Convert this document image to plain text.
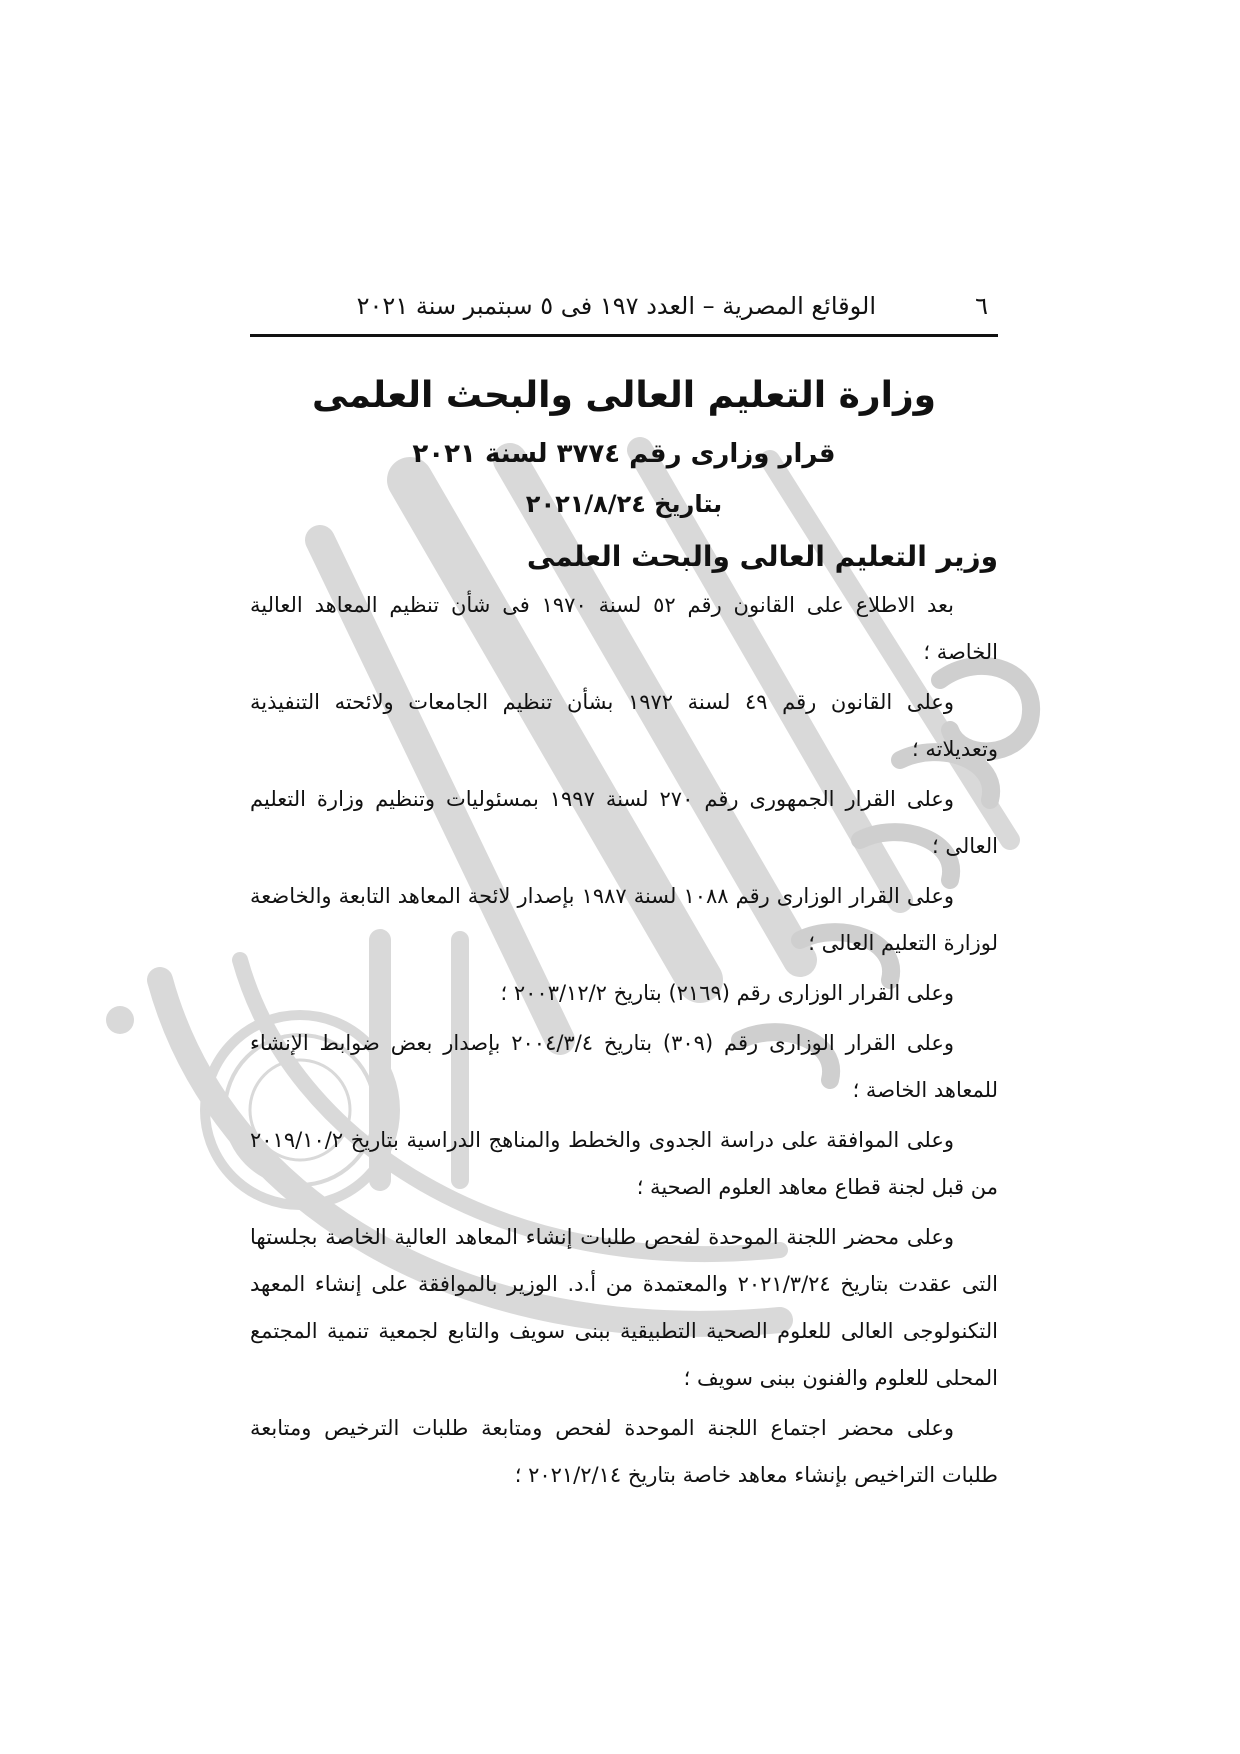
٦
الوقائع المصرية – العدد ١٩٧ فى ٥ سبتمبر سنة ٢٠٢١
وزارة التعليم العالى والبحث العلمى
قرار وزارى رقم ٣٧٧٤ لسنة ٢٠٢١
بتاريخ ٢٠٢١/٨/٢٤
وزير التعليم العالى والبحث العلمى

بعد الاطلاع على القانون رقم ٥٢ لسنة ١٩٧٠ فى شأن تنظيم المعاهد العالية الخاصة ؛

وعلى القانون رقم ٤٩ لسنة ١٩٧٢ بشأن تنظيم الجامعات ولائحته التنفيذية وتعديلاته ؛

وعلى القرار الجمهورى رقم ٢٧٠ لسنة ١٩٩٧ بمسئوليات وتنظيم وزارة التعليم العالى ؛

وعلى القرار الوزارى رقم ١٠٨٨ لسنة ١٩٨٧ بإصدار لائحة المعاهد التابعة والخاضعة لوزارة التعليم العالى ؛

وعلى القرار الوزارى رقم (٢١٦٩) بتاريخ ٢٠٠٣/١٢/٢ ؛

وعلى القرار الوزارى رقم (٣٠٩) بتاريخ ٢٠٠٤/٣/٤ بإصدار بعض ضوابط الإنشاء للمعاهد الخاصة ؛

وعلى الموافقة على دراسة الجدوى والخطط والمناهج الدراسية بتاريخ ٢٠١٩/١٠/٢ من قبل لجنة قطاع معاهد العلوم الصحية ؛

وعلى محضر اللجنة الموحدة لفحص طلبات إنشاء المعاهد العالية الخاصة بجلستها التى عقدت بتاريخ ٢٠٢١/٣/٢٤ والمعتمدة من أ.د. الوزير بالموافقة على إنشاء المعهد التكنولوجى العالى للعلوم الصحية التطبيقية ببنى سويف والتابع لجمعية تنمية المجتمع المحلى للعلوم والفنون ببنى سويف ؛

وعلى محضر اجتماع اللجنة الموحدة لفحص ومتابعة طلبات الترخيص ومتابعة طلبات التراخيص بإنشاء معاهد خاصة بتاريخ ٢٠٢١/٢/١٤ ؛
